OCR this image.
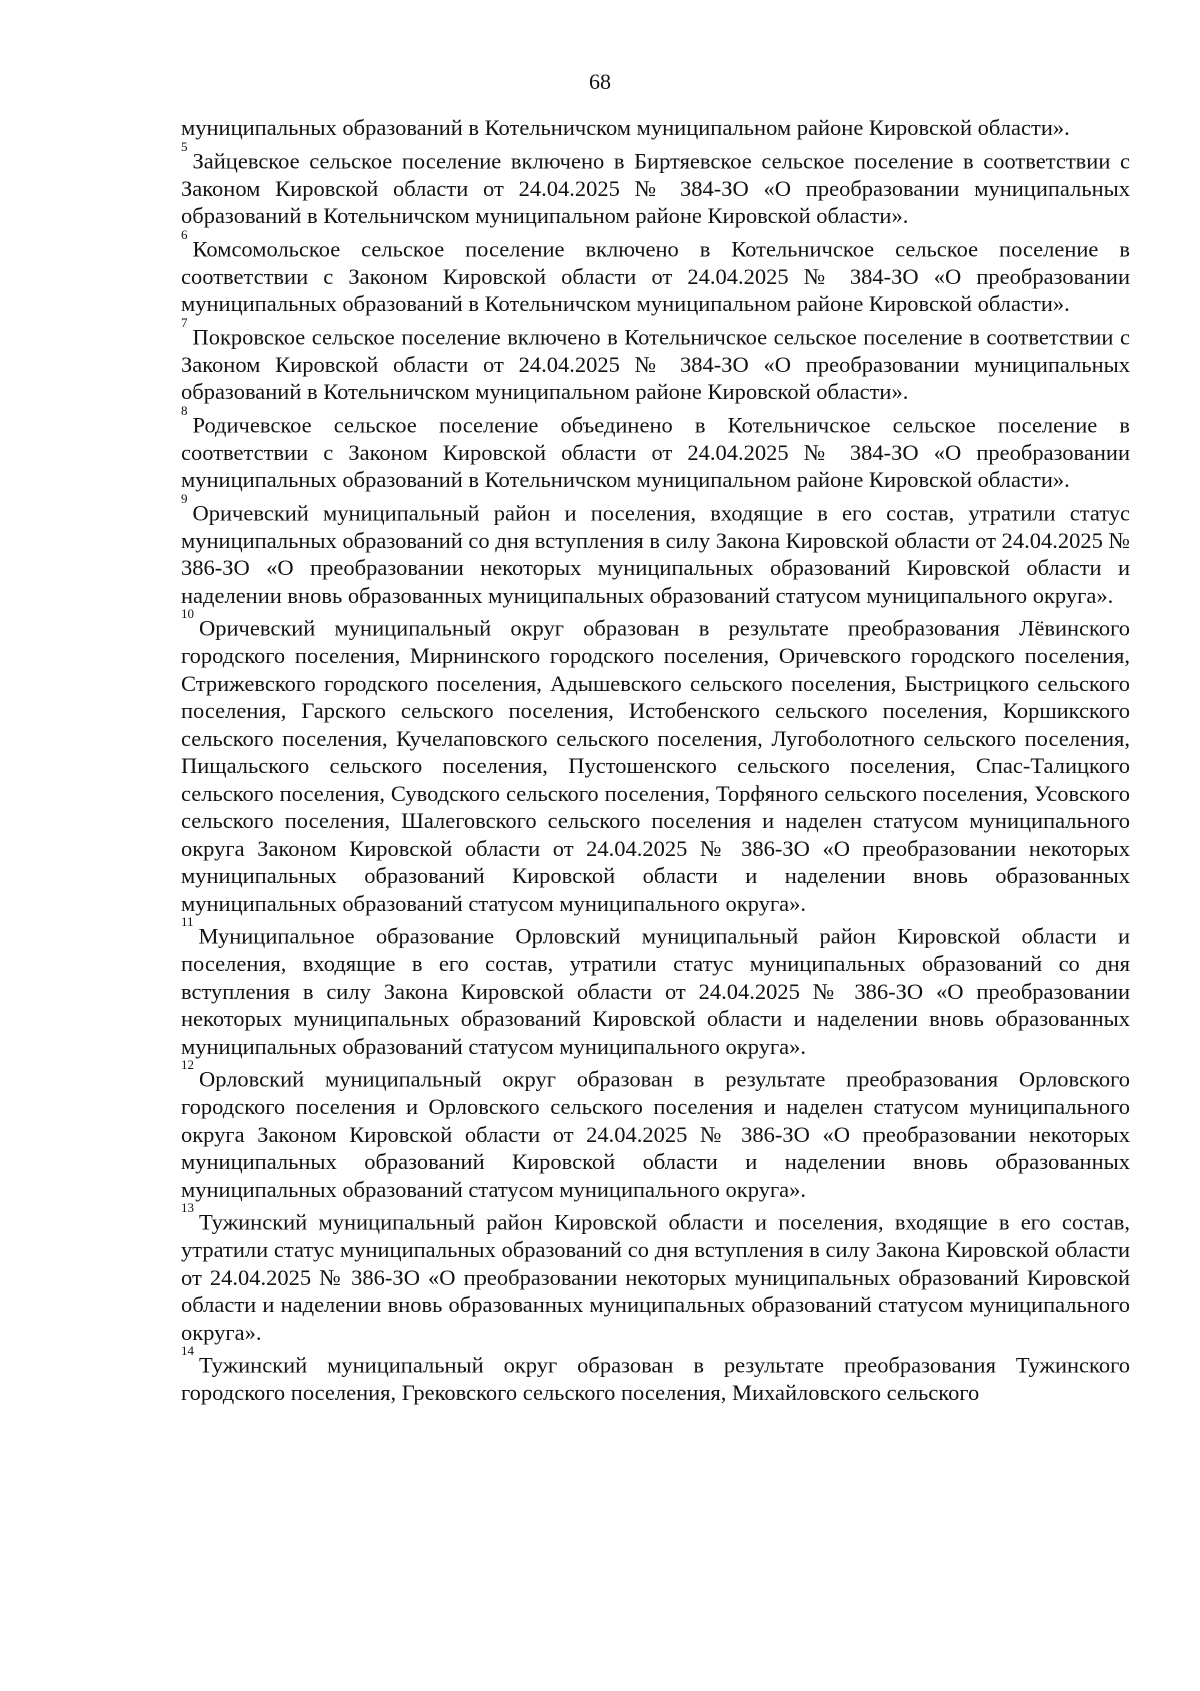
68

муниципальных образований в Котельничском муниципальном районе Кировской области».

$^5$Зайцевское сельское поселение включено в Биртяевское сельское поселение в соответствии с Законом Кировской области от 24.04.2025 № 384-ЗО «О преобразовании муниципальных образований в Котельничском муниципальном районе Кировской области».

$^6$Комсомольское сельское поселение включено в Котельничское сельское поселение в соответствии с Законом Кировской области от 24.04.2025 № 384-ЗО «О преобразовании муниципальных образований в Котельничском муниципальном районе Кировской области».

$^7$Покровское сельское поселение включено в Котельничское сельское поселение в соответствии с Законом Кировской области от 24.04.2025 № 384-ЗО «О преобразовании муниципальных образований в Котельничском муниципальном районе Кировской области».

$^8$Родичевское сельское поселение объединено в Котельничское сельское поселение в соответствии с Законом Кировской области от 24.04.2025 № 384-ЗО «О преобразовании муниципальных образований в Котельничском муниципальном районе Кировской области».

$^9$Оричевский муниципальный район и поселения, входящие в его состав, утратили статус муниципальных образований со дня вступления в силу Закона Кировской области от 24.04.2025 № 386-ЗО «О преобразовании некоторых муниципальных образований Кировской области и наделении вновь образованных муниципальных образований статусом муниципального округа».

$^{10}$Оричевский муниципальный округ образован в результате преобразования Лёвинского городского поселения, Мирнинского городского поселения, Оричевского городского поселения, Стрижевского городского поселения, Адышевского сельского поселения, Быстрицкого сельского поселения, Гарского сельского поселения, Истобенского сельского поселения, Коршикского сельского поселения, Кучелаповского сельского поселения, Лугоболотного сельского поселения, Пищальского сельского поселения, Пустошенского сельского поселения, Спас-Талицкого сельского поселения, Суводского сельского поселения, Торфяного сельского поселения, Усовского сельского поселения, Шалеговского сельского поселения и наделен статусом муниципального округа Законом Кировской области от 24.04.2025 № 386-ЗО «О преобразовании некоторых муниципальных образований Кировской области и наделении вновь образованных муниципальных образований статусом муниципального округа».

$^{11}$Муниципальное образование Орловский муниципальный район Кировской области и поселения, входящие в его состав, утратили статус муниципальных образований со дня вступления в силу Закона Кировской области от 24.04.2025 № 386-ЗО «О преобразовании некоторых муниципальных образований Кировской области и наделении вновь образованных муниципальных образований статусом муниципального округа».

$^{12}$Орловский муниципальный округ образован в результате преобразования Орловского городского поселения и Орловского сельского поселения и наделен статусом муниципального округа Законом Кировской области от 24.04.2025 № 386-ЗО «О преобразовании некоторых муниципальных образований Кировской области и наделении вновь образованных муниципальных образований статусом муниципального округа».

$^{13}$Тужинский муниципальный район Кировской области и поселения, входящие в его состав, утратили статус муниципальных образований со дня вступления в силу Закона Кировской области от 24.04.2025 № 386-ЗО «О преобразовании некоторых муниципальных образований Кировской области и наделении вновь образованных муниципальных образований статусом муниципального округа».

$^{14}$Тужинский муниципальный округ образован в результате преобразования Тужинского городского поселения, Грековского сельского поселения, Михайловского сельского
